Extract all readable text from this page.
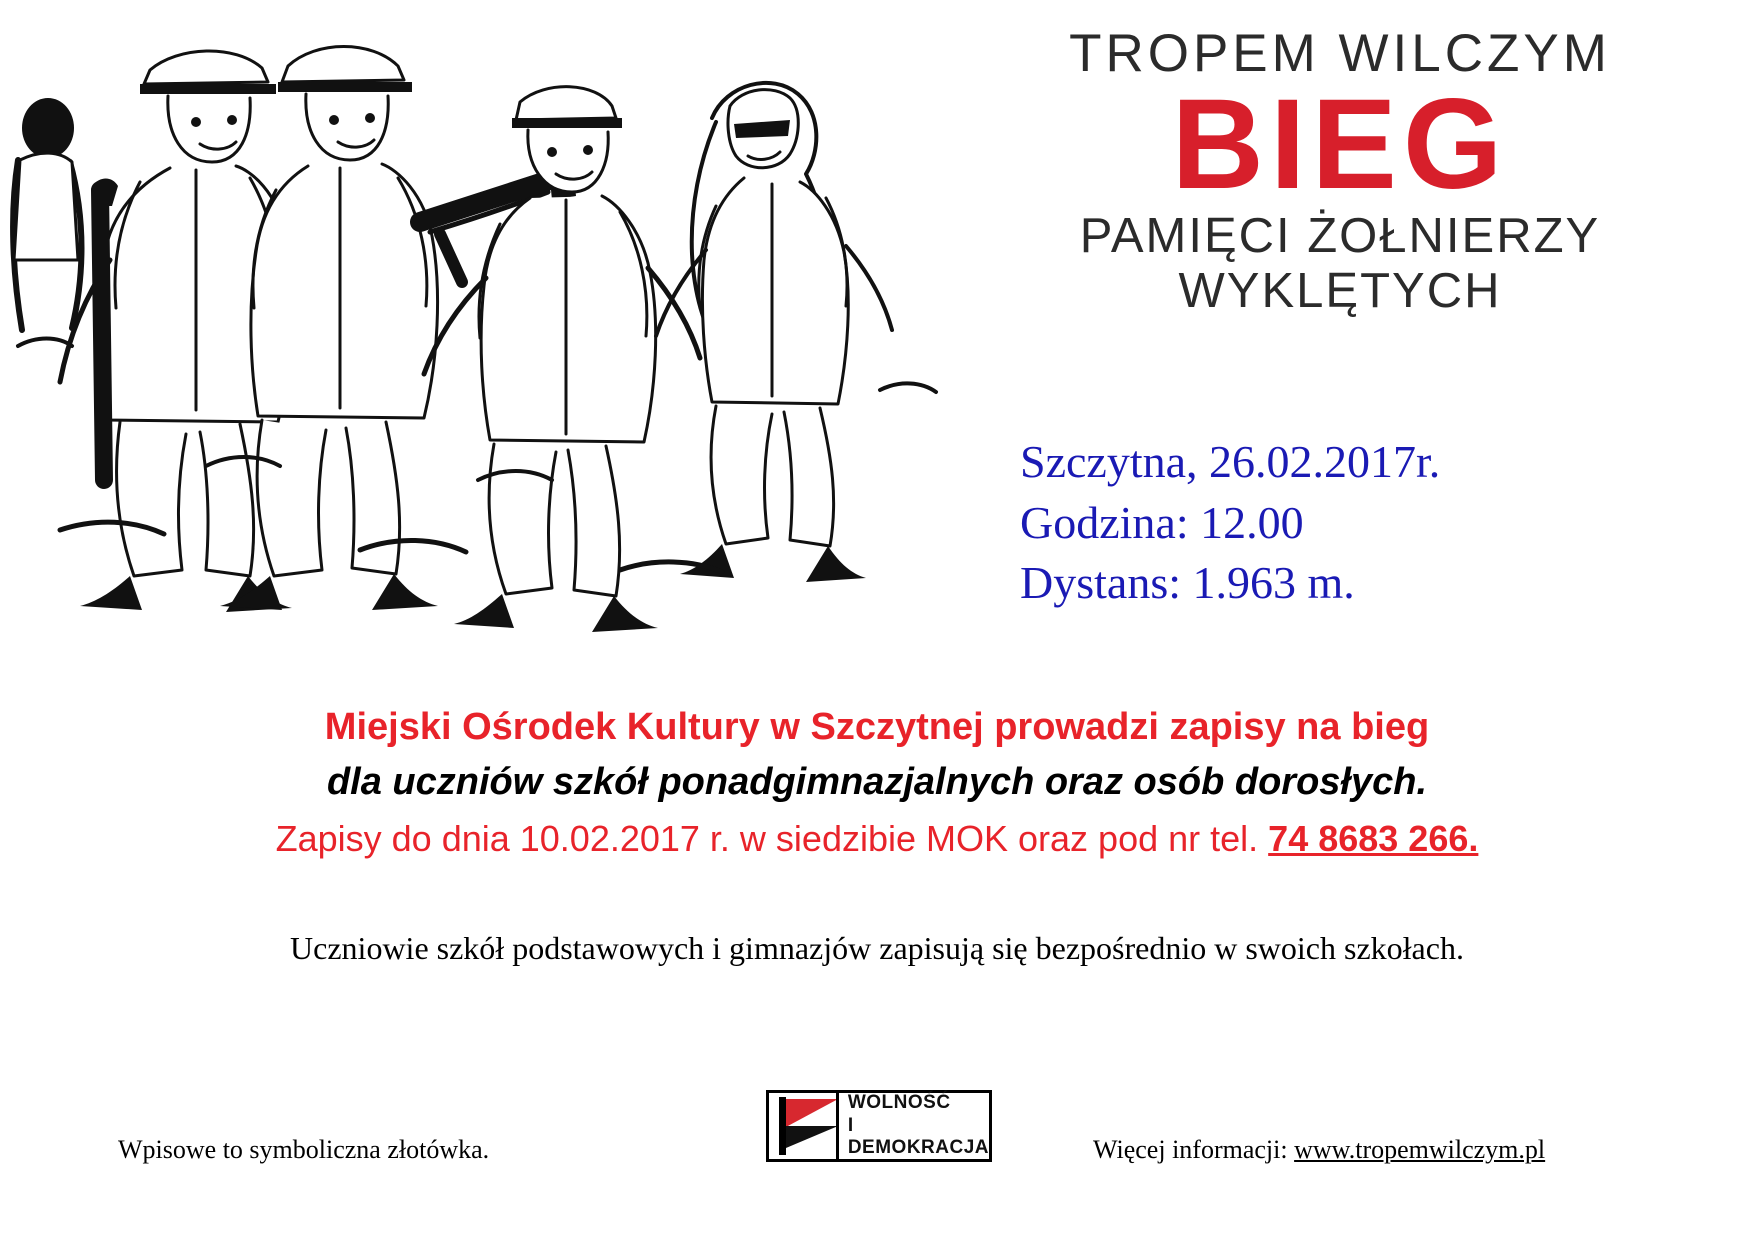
TROPEM WILCZYM
BIEG
PAMIĘCI ŻOŁNIERZY
WYKLĘTYCH
Szczytna, 26.02.2017r.
Godzina: 12.00
Dystans: 1.963 m.
Miejski Ośrodek Kultury w Szczytnej prowadzi zapisy na bieg
dla uczniów szkół ponadgimnazjalnych oraz osób dorosłych.
Zapisy do dnia 10.02.2017 r. w siedzibie MOK oraz pod nr tel. 74 8683 266.
Uczniowie szkół podstawowych i gimnazjów zapisują się bezpośrednio w swoich szkołach.
Wpisowe to symboliczna złotówka.
WOLNOŚĆ
I DEMOKRACJA	Więcej informacji: www.tropemwilczym.pl
